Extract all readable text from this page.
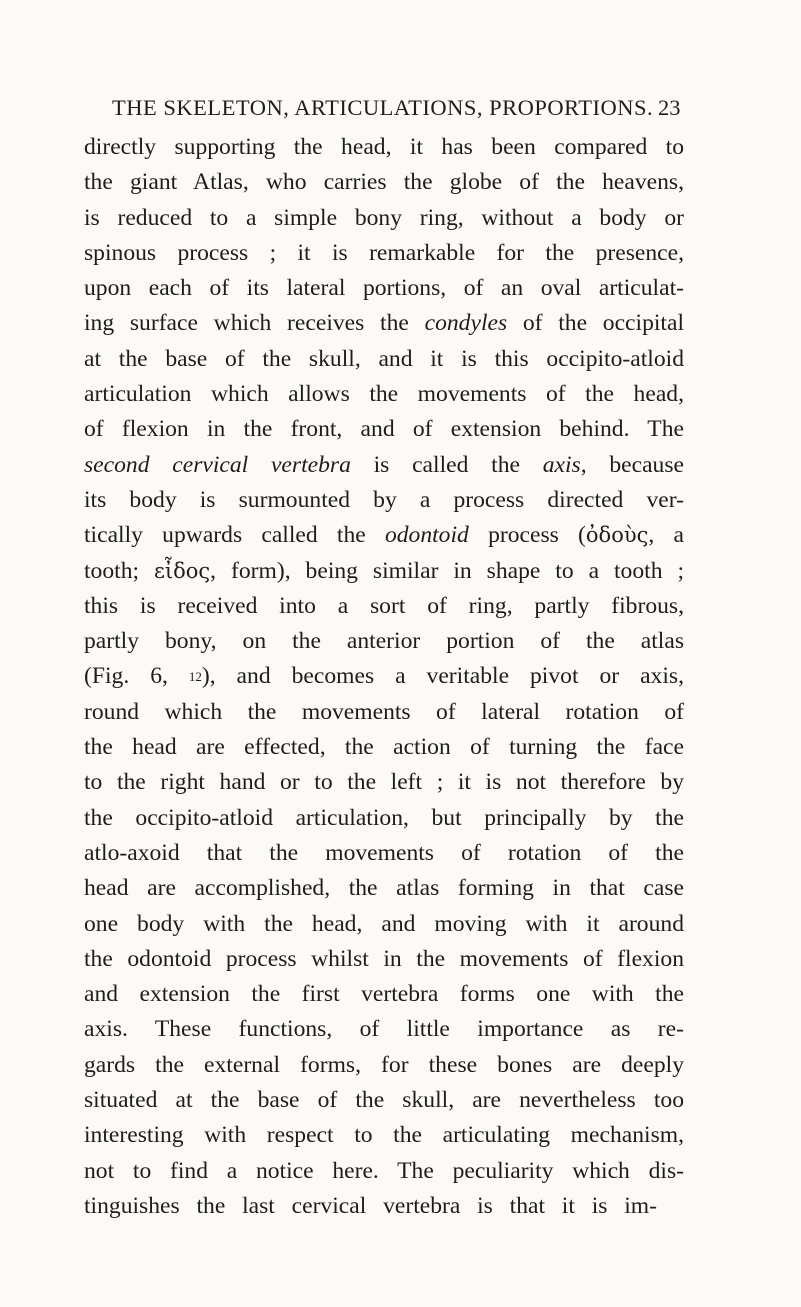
THE SKELETON, ARTICULATIONS, PROPORTIONS. 23
directly supporting the head, it has been compared to
the giant Atlas, who carries the globe of the heavens,
is reduced to a simple bony ring, without a body or
spinous process ; it is remarkable for the presence,
upon each of its lateral portions, of an oval articulat-
ing surface which receives the condyles of the occipital
at the base of the skull, and it is this occipito-atloid
articulation which allows the movements of the head,
of flexion in the front, and of extension behind. The
second cervical vertebra is called the axis, because
its body is surmounted by a process directed ver-
tically upwards called the odontoid process (ὀδοὺς, a
tooth; εἶδος, form), being similar in shape to a tooth ;
this is received into a sort of ring, partly fibrous,
partly bony, on the anterior portion of the atlas
(Fig. 6, 12), and becomes a veritable pivot or axis,
round which the movements of lateral rotation of
the head are effected, the action of turning the face
to the right hand or to the left ; it is not therefore by
the occipito-atloid articulation, but principally by the
atlo-axoid that the movements of rotation of the
head are accomplished, the atlas forming in that case
one body with the head, and moving with it around
the odontoid process whilst in the movements of flexion
and extension the first vertebra forms one with the
axis. These functions, of little importance as re-
gards the external forms, for these bones are deeply
situated at the base of the skull, are nevertheless too
interesting with respect to the articulating mechanism,
not to find a notice here. The peculiarity which dis-
tinguishes the last cervical vertebra is that it is im-
